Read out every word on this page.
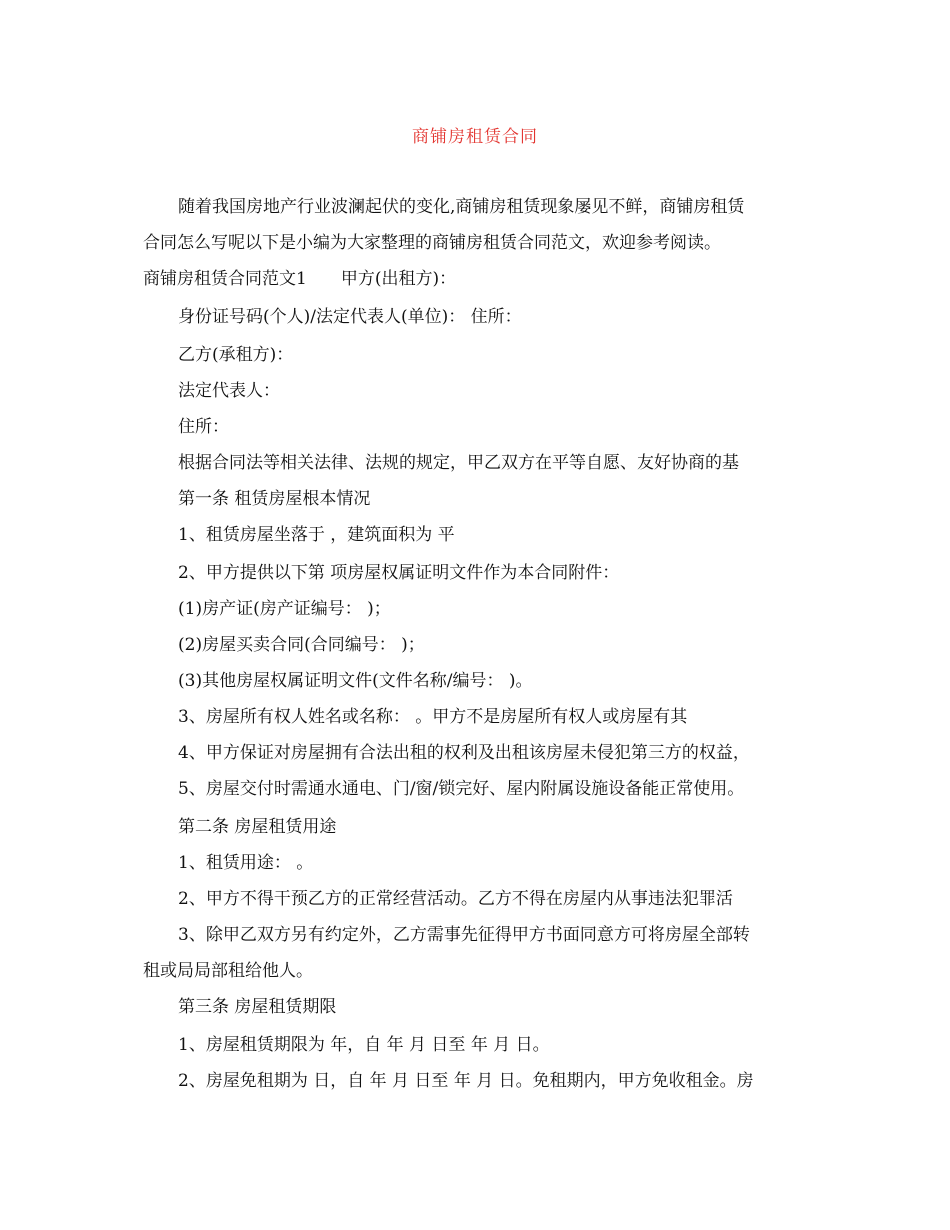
商铺房租赁合同
随着我国房地产行业波澜起伏的变化,商铺房租赁现象屡见不鲜，商铺房租赁
合同怎么写呢以下是小编为大家整理的商铺房租赁合同范文，欢迎参考阅读。
商铺房租赁合同范文1　　甲方(出租方)：
身份证号码(个人)/法定代表人(单位)： 住所：
乙方(承租方)：
法定代表人：
住所：
根据合同法等相关法律、法规的规定，甲乙双方在平等自愿、友好协商的基
第一条 租赁房屋根本情况
1、租赁房屋坐落于 ，建筑面积为 平
2、甲方提供以下第 项房屋权属证明文件作为本合同附件：
(1)房产证(房产证编号： )；
(2)房屋买卖合同(合同编号： )；
(3)其他房屋权属证明文件(文件名称/编号： )。
3、房屋所有权人姓名或名称： 。甲方不是房屋所有权人或房屋有其
4、甲方保证对房屋拥有合法出租的权利及出租该房屋未侵犯第三方的权益，
5、房屋交付时需通水通电、门/窗/锁完好、屋内附属设施设备能正常使用。
第二条 房屋租赁用途
1、租赁用途： 。
2、甲方不得干预乙方的正常经营活动。乙方不得在房屋内从事违法犯罪活
3、除甲乙双方另有约定外，乙方需事先征得甲方书面同意方可将房屋全部转
租或局局部租给他人。
第三条 房屋租赁期限
1、房屋租赁期限为 年，自 年 月 日至 年 月 日。
2、房屋免租期为 日，自 年 月 日至 年 月 日。免租期内，甲方免收租金。房
